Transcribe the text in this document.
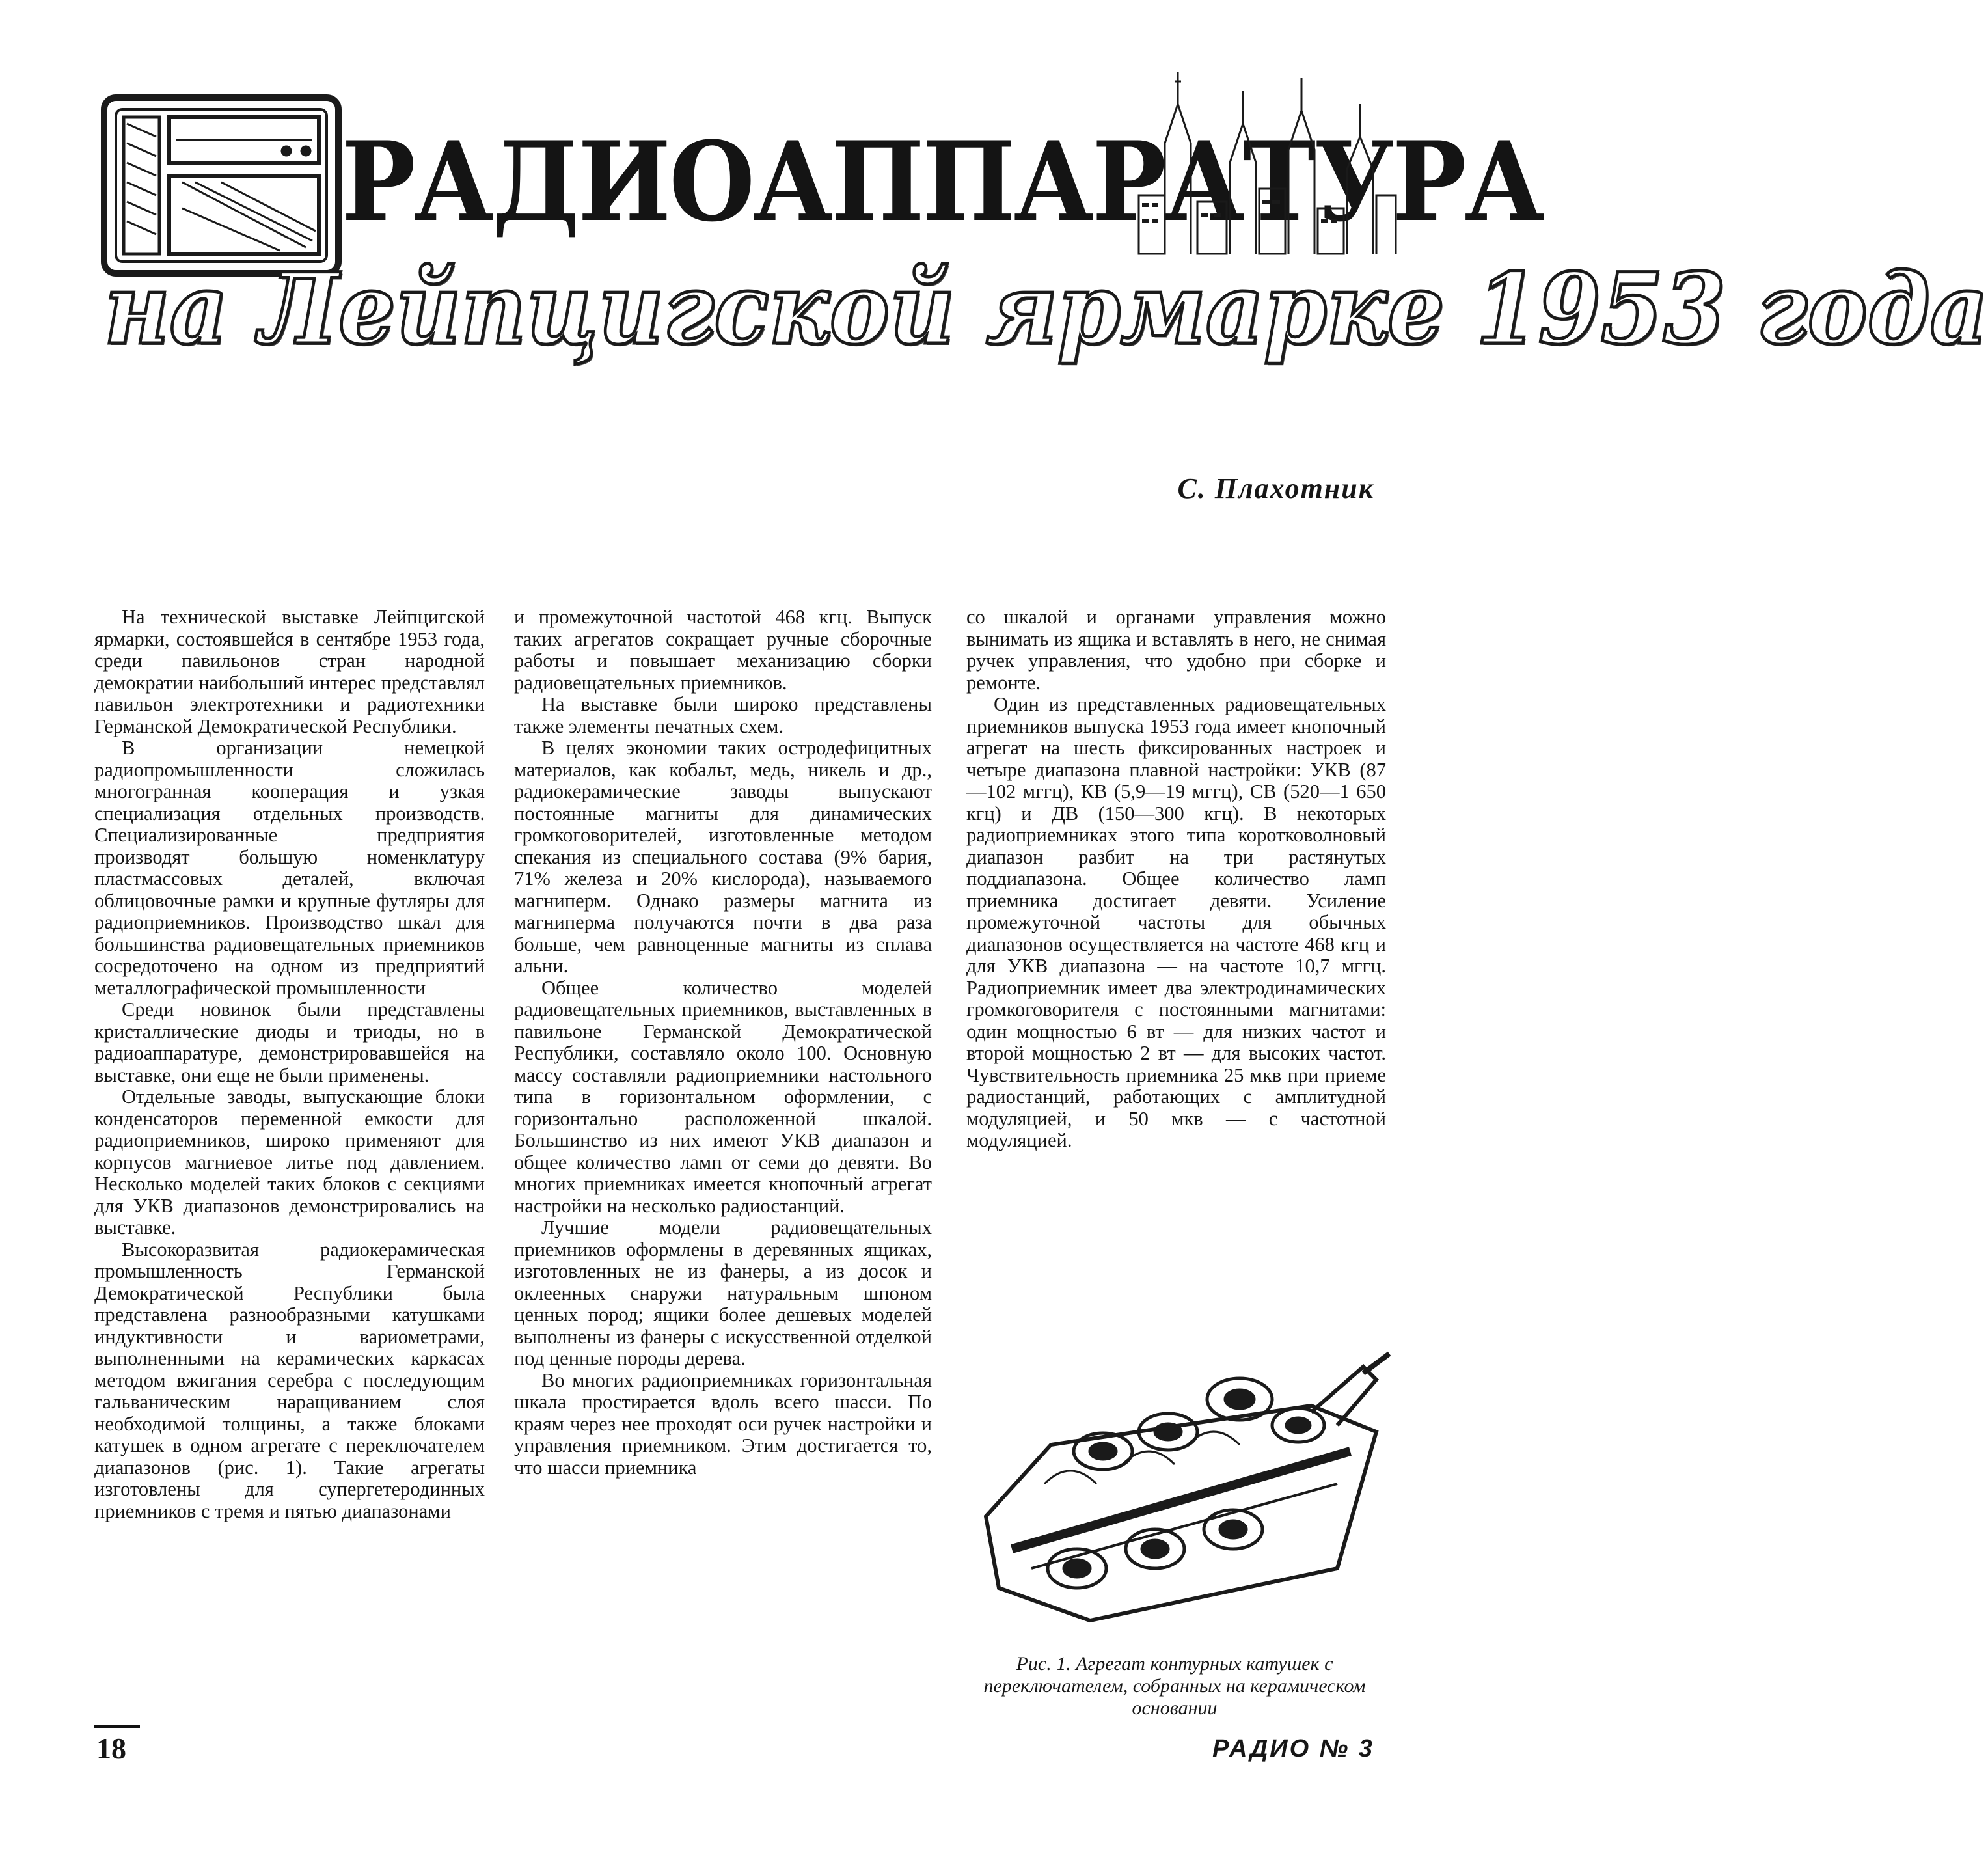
РАДИОАППАРАТУРА
на Лейпцигской ярмарке 1953 года
С. Плахотник

На технической выставке Лейпцигской ярмарки, состоявшейся в сентябре 1953 года, среди павильонов стран народной демократии наибольший интерес представлял павильон электротехники и радиотехники Германской Демократической Республики.

В организации немецкой радиопромышленности сложилась многогранная кооперация и узкая специализация отдельных производств. Специализированные предприятия производят большую номенклатуру пластмассовых деталей, включая облицовочные рамки и крупные футляры для радиоприемников. Производство шкал для большинства радиовещательных приемников сосредоточено на одном из предприятий металлографической промышленности

Среди новинок были представлены кристаллические диоды и триоды, но в радиоаппаратуре, демонстрировавшейся на выставке, они еще не были применены.

Отдельные заводы, выпускающие блоки конденсаторов переменной емкости для радиоприемников, широко применяют для корпусов магниевое литье под давлением. Несколько моделей таких блоков с секциями для УКВ диапазонов демонстрировались на выставке.

Высокоразвитая радиокерамическая промышленность Германской Демократической Республики была представлена разнообразными катушками индуктивности и вариометрами, выполненными на керамических каркасах методом вжигания серебра с последующим гальваническим наращиванием слоя необходимой толщины, а также блоками катушек в одном агрегате с переключателем диапазонов (рис. 1). Такие агрегаты изготовлены для супергетеродинных приемников с тремя и пятью диапазонами

и промежуточной частотой 468 кгц. Выпуск таких агрегатов сокращает ручные сборочные работы и повышает механизацию сборки радиовещательных приемников.

На выставке были широко представлены также элементы печатных схем.

В целях экономии таких остродефицитных материалов, как кобальт, медь, никель и др., радиокерамические заводы выпускают постоянные магниты для динамических громкоговорителей, изготовленные методом спекания из специального состава (9% бария, 71% железа и 20% кислорода), называемого магниперм. Однако размеры магнита из магниперма получаются почти в два раза больше, чем равноценные магниты из сплава альни.

Общее количество моделей радиовещательных приемников, выставленных в павильоне Германской Демократической Республики, составляло около 100. Основную массу составляли радиоприемники настольного типа в горизонтальном оформлении, с горизонтально расположенной шкалой. Большинство из них имеют УКВ диапазон и общее количество ламп от семи до девяти. Во многих приемниках имеется кнопочный агрегат настройки на несколько радиостанций.

Лучшие модели радиовещательных приемников оформлены в деревянных ящиках, изготовленных не из фанеры, а из досок и оклеенных снаружи натуральным шпоном ценных пород; ящики более дешевых моделей выполнены из фанеры с искусственной отделкой под ценные породы дерева.

Во многих радиоприемниках горизонтальная шкала простирается вдоль всего шасси. По краям через нее проходят оси ручек настройки и управления приемником. Этим достигается то, что шасси приемника

со шкалой и органами управления можно вынимать из ящика и вставлять в него, не снимая ручек управления, что удобно при сборке и ремонте.

Один из представленных радиовещательных приемников выпуска 1953 года имеет кнопочный агрегат на шесть фиксированных настроек и четыре диапазона плавной настройки: УКВ (87—102 мггц), КВ (5,9—19 мггц), СВ (520—1 650 кгц) и ДВ (150—300 кгц). В некоторых радиоприемниках этого типа коротковолновый диапазон разбит на три растянутых поддиапазона. Общее количество ламп приемника достигает девяти. Усиление промежуточной частоты для обычных диапазонов осуществляется на частоте 468 кгц и для УКВ диапазона — на частоте 10,7 мггц. Радиоприемник имеет два электродинамических громкоговорителя с постоянными магнитами: один мощностью 6 вт — для низких частот и второй мощностью 2 вт — для высоких частот. Чувствительность приемника 25 мкв при приеме радиостанций, работающих с амплитудной модуляцией, и 50 мкв — с частотной модуляцией.

Рис. 1. Агрегат контурных катушек с переключателем, собранных на керамическом основании
18	РАДИО № 3
